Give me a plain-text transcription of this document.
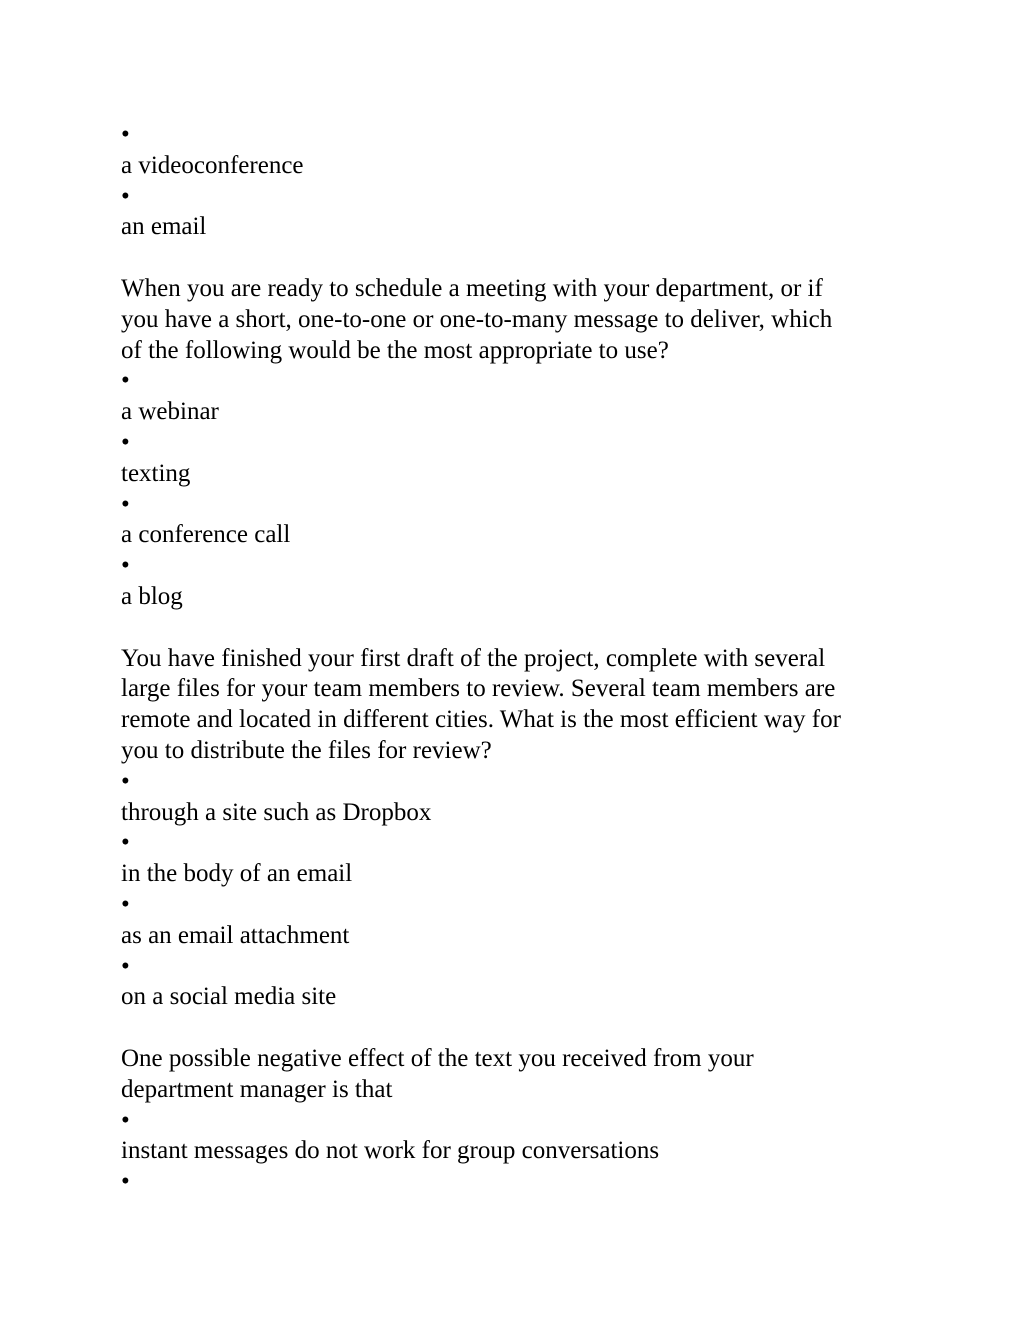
•
a videoconference
•
an email
When you are ready to schedule a meeting with your department, or if
you have a short, one-to-one or one-to-many message to deliver, which
of the following would be the most appropriate to use?
•
a webinar
•
texting
•
a conference call
•
a blog
You have finished your first draft of the project, complete with several
large files for your team members to review. Several team members are
remote and located in different cities. What is the most efficient way for
you to distribute the files for review?
•
through a site such as Dropbox
•
in the body of an email
•
as an email attachment
•
on a social media site
One possible negative effect of the text you received from your
department manager is that
•
instant messages do not work for group conversations
•
